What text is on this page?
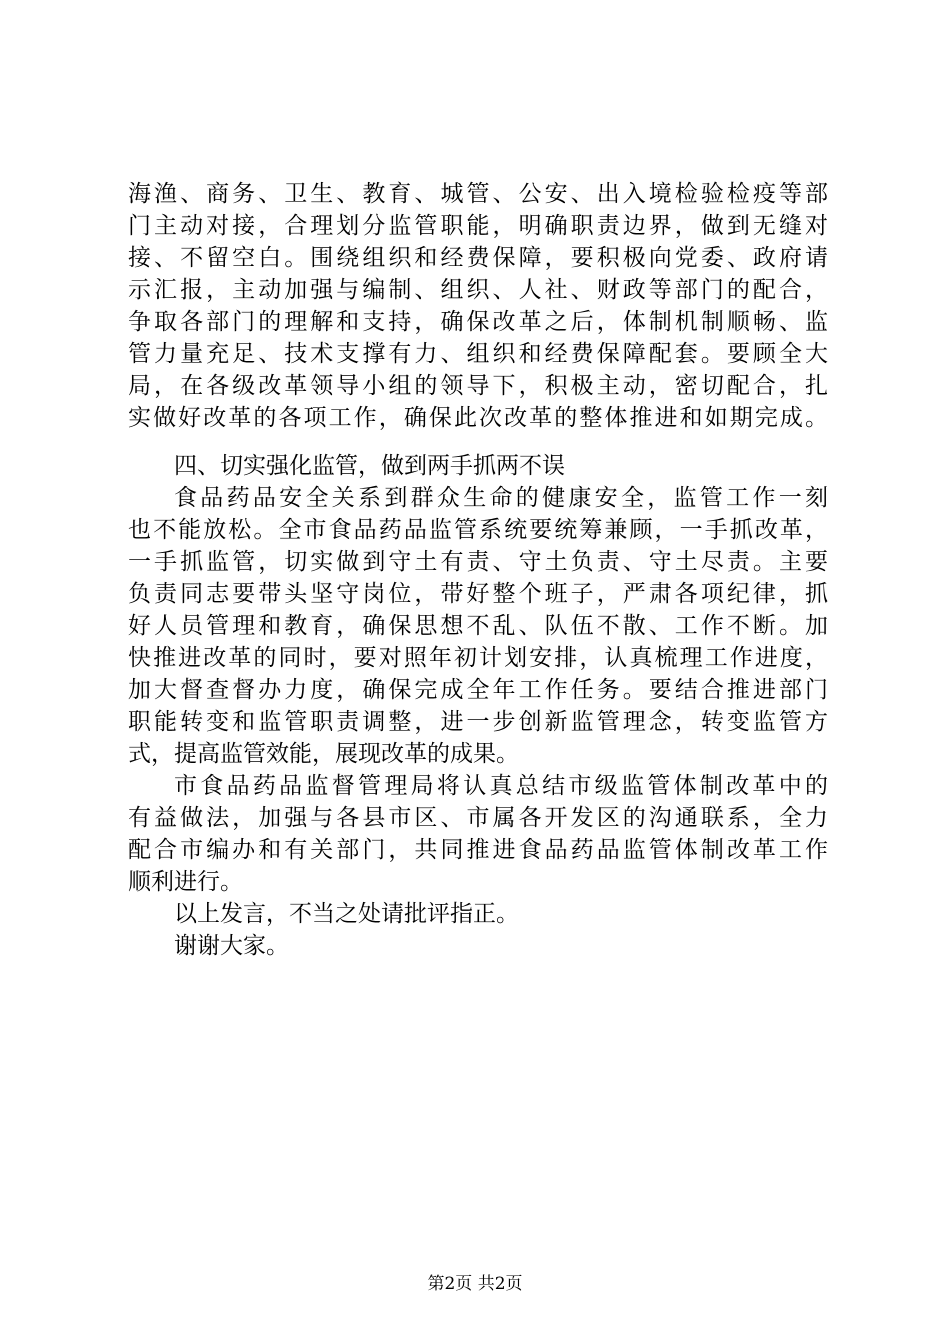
海渔、商务、卫生、教育、城管、公安、出入境检验检疫等部
门主动对接，合理划分监管职能，明确职责边界，做到无缝对
接、不留空白。围绕组织和经费保障，要积极向党委、政府请
示汇报，主动加强与编制、组织、人社、财政等部门的配合，
争取各部门的理解和支持，确保改革之后，体制机制顺畅、监
管力量充足、技术支撑有力、组织和经费保障配套。要顾全大
局，在各级改革领导小组的领导下，积极主动，密切配合，扎
实做好改革的各项工作，确保此次改革的整体推进和如期完成。
四、切实强化监管，做到两手抓两不误
食品药品安全关系到群众生命的健康安全，监管工作一刻
也不能放松。全市食品药品监管系统要统筹兼顾，一手抓改革，
一手抓监管，切实做到守土有责、守土负责、守土尽责。主要
负责同志要带头坚守岗位，带好整个班子，严肃各项纪律，抓
好人员管理和教育，确保思想不乱、队伍不散、工作不断。加
快推进改革的同时，要对照年初计划安排，认真梳理工作进度，
加大督查督办力度，确保完成全年工作任务。要结合推进部门
职能转变和监管职责调整，进一步创新监管理念，转变监管方
式，提高监管效能，展现改革的成果。
市食品药品监督管理局将认真总结市级监管体制改革中的
有益做法，加强与各县市区、市属各开发区的沟通联系，全力
配合市编办和有关部门，共同推进食品药品监管体制改革工作
顺利进行。
以上发言，不当之处请批评指正。
谢谢大家。
第2页 共2页
